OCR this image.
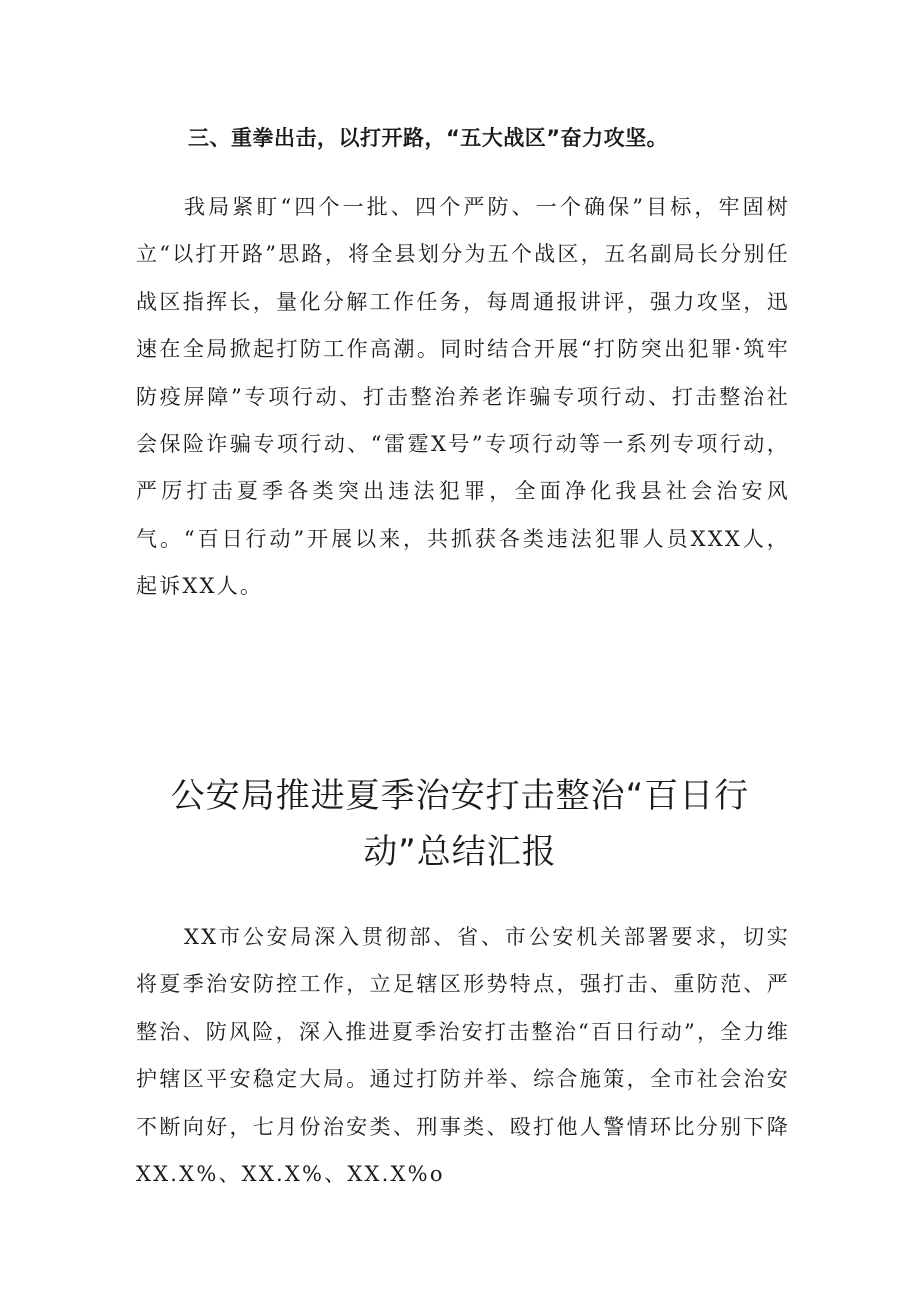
三、重拳出击，以打开路，“五大战区”奋力攻坚。

我局紧盯“四个一批、四个严防、一个确保”目标，牢固树立“以打开路”思路，将全县划分为五个战区，五名副局长分别任战区指挥长，量化分解工作任务，每周通报讲评，强力攻坚，迅速在全局掀起打防工作高潮。同时结合开展“打防突出犯罪·筑牢防疫屏障”专项行动、打击整治养老诈骗专项行动、打击整治社会保险诈骗专项行动、“雷霆X号”专项行动等一系列专项行动，严厉打击夏季各类突出违法犯罪，全面净化我县社会治安风气。“百日行动”开展以来，共抓获各类违法犯罪人员XXX人，起诉XX人。

公安局推进夏季治安打击整治“百日行动”总结汇报

XX市公安局深入贯彻部、省、市公安机关部署要求，切实将夏季治安防控工作，立足辖区形势特点，强打击、重防范、严整治、防风险，深入推进夏季治安打击整治“百日行动”，全力维护辖区平安稳定大局。通过打防并举、综合施策，全市社会治安不断向好，七月份治安类、刑事类、殴打他人警情环比分别下降XX.X%、XX.X%、XX.X%o
